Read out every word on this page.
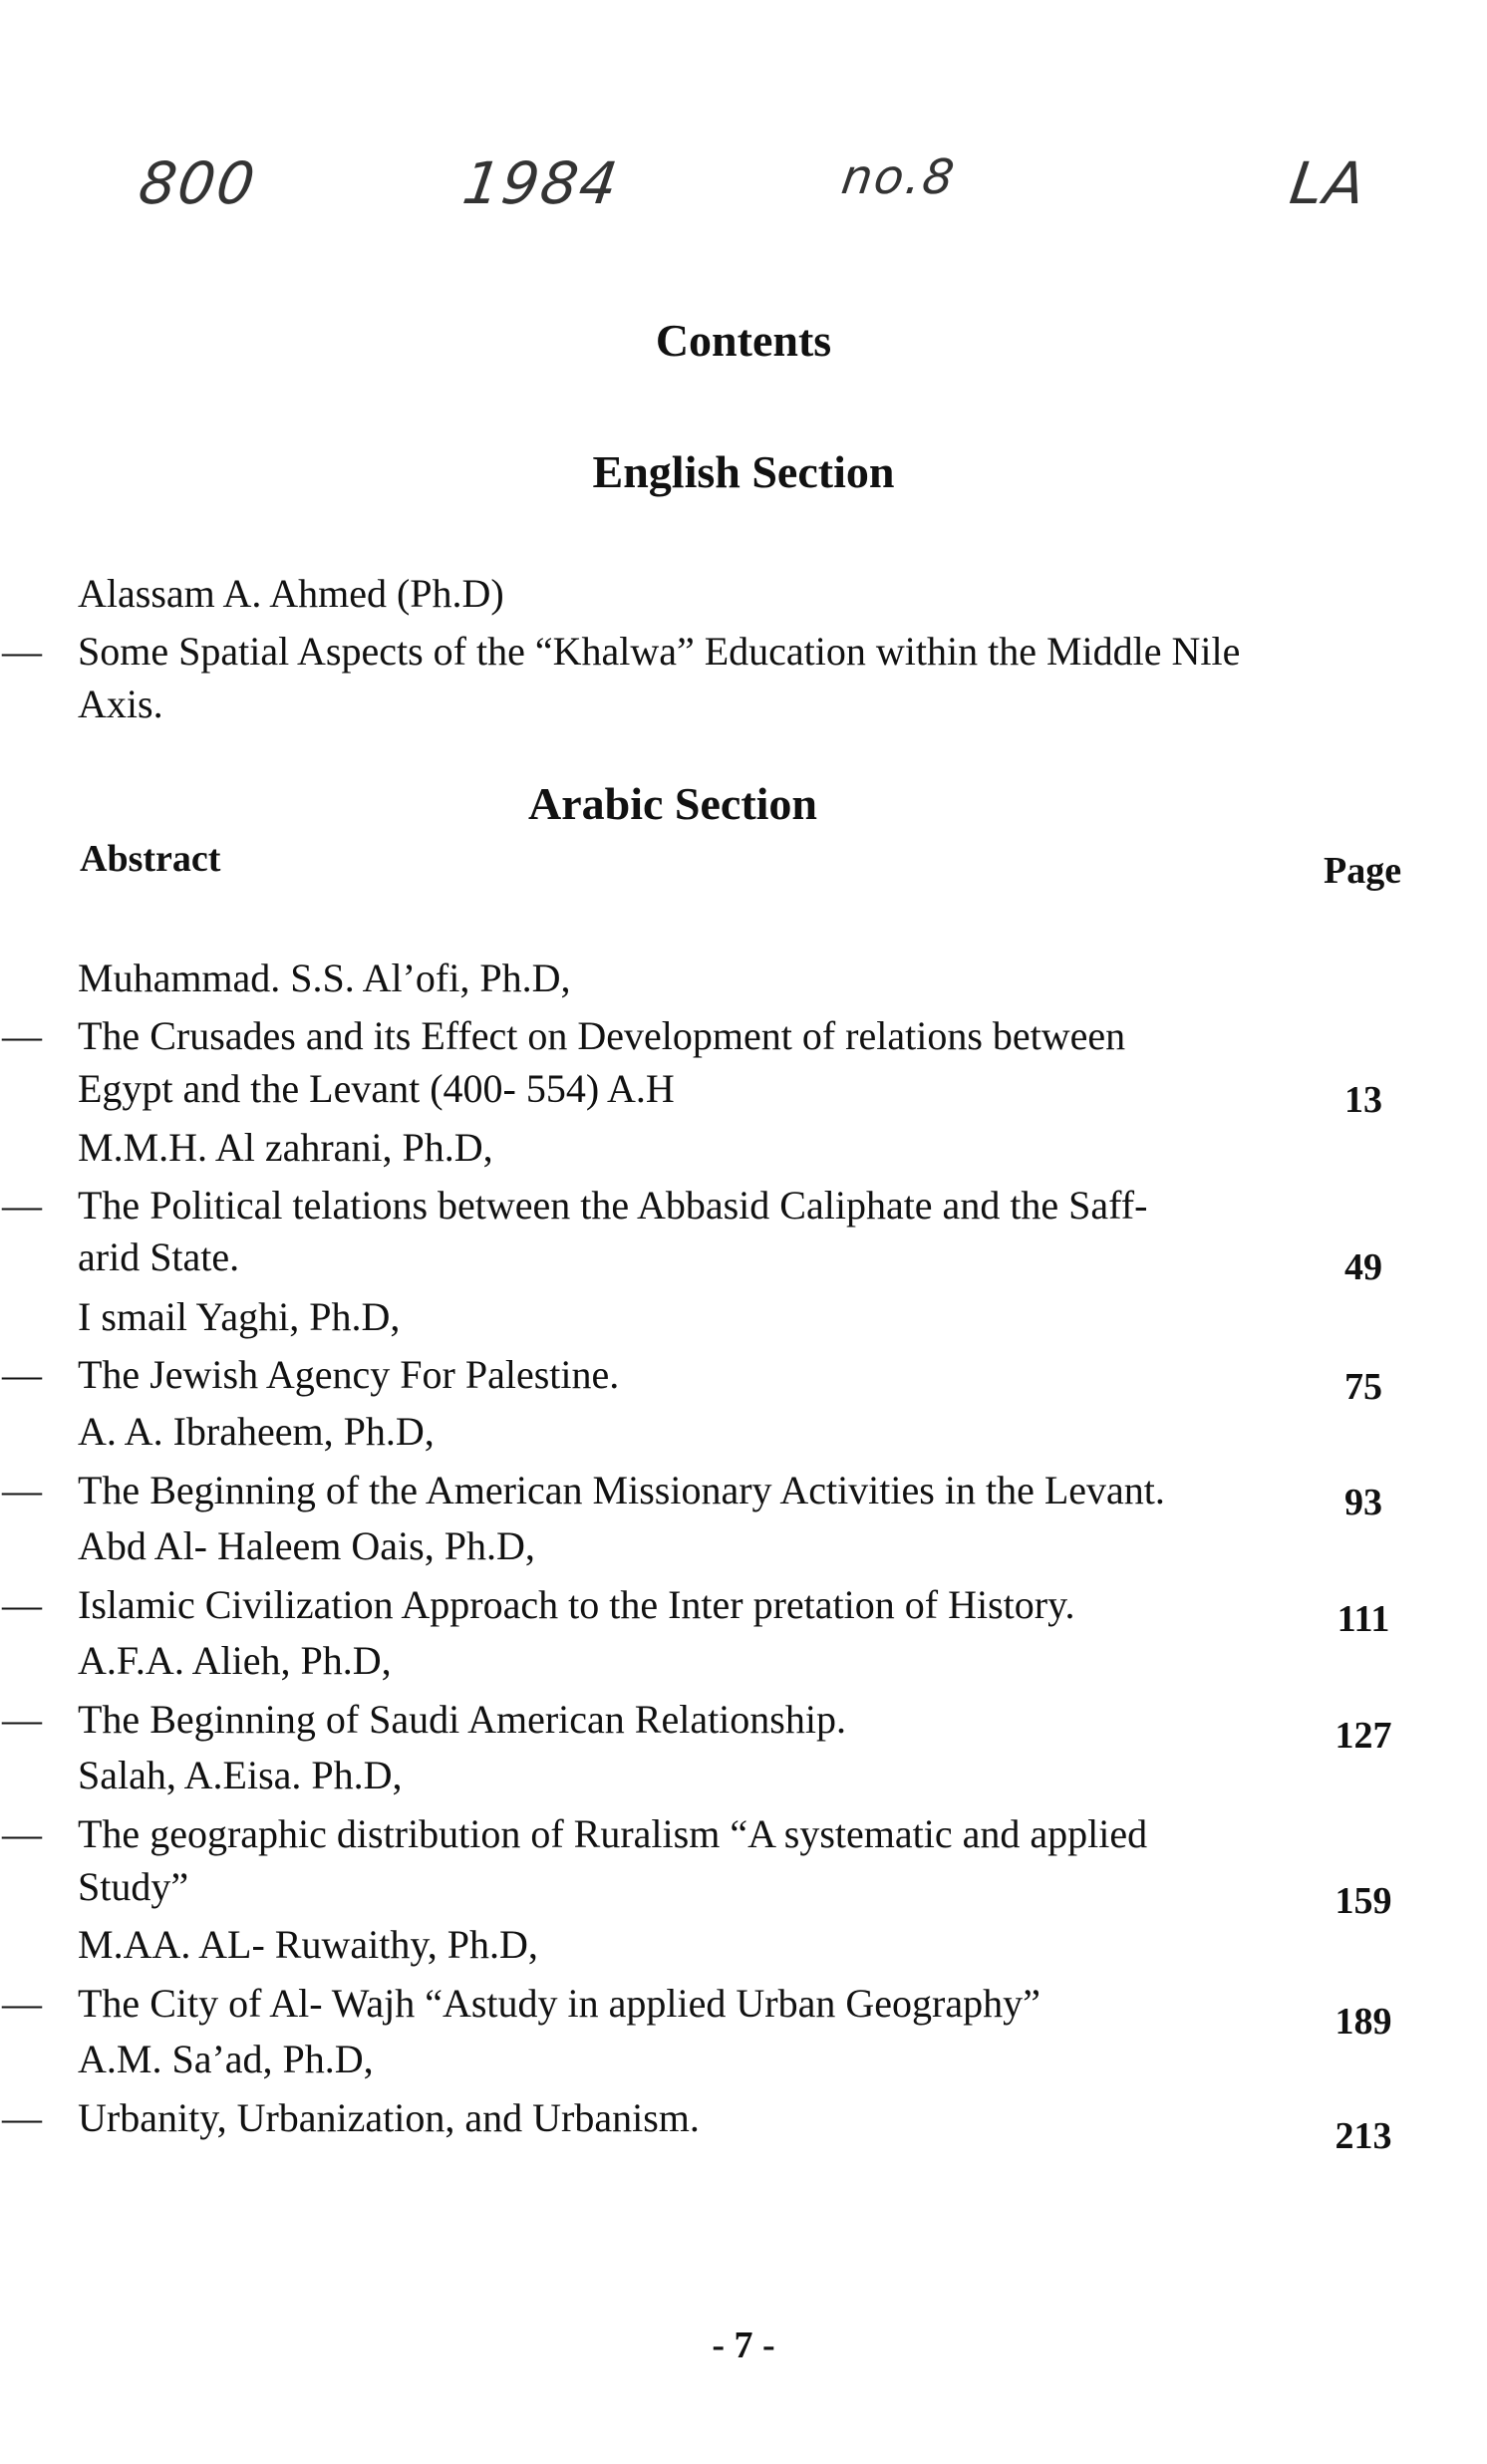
800	1984	no.8	LA
Contents
English Section
Alassam A. Ahmed (Ph.D)
— Some Spatial Aspects of the “Khalwa” Education within the Middle Nile
Axis.
Arabic Section
Abstract	Page
Muhammad. S.S. Al’ofi, Ph.D,
— The Crusades and its Effect on Development of relations between
Egypt and the Levant (400- 554) A.H	13
M.M.H. Al zahrani, Ph.D,
— The Political telations between the Abbasid Caliphate and the Saff-
arid State.	49
I smail Yaghi, Ph.D,
— The Jewish Agency For Palestine.	75
A. A. Ibraheem, Ph.D,
— The Beginning of the American Missionary Activities in the Levant.	93
Abd Al- Haleem Oais, Ph.D,
— Islamic Civilization Approach to the Inter pretation of History.	111
A.F.A. Alieh, Ph.D,
— The Beginning of Saudi American Relationship.	127
Salah, A.Eisa. Ph.D,
— The geographic distribution of Ruralism “A systematic and applied
Study”	159
M.AA. AL- Ruwaithy, Ph.D,
— The City of Al- Wajh “Astudy in applied Urban Geography”	189
A.M. Sa’ad, Ph.D,
— Urbanity, Urbanization, and Urbanism.	213
- 7 -
